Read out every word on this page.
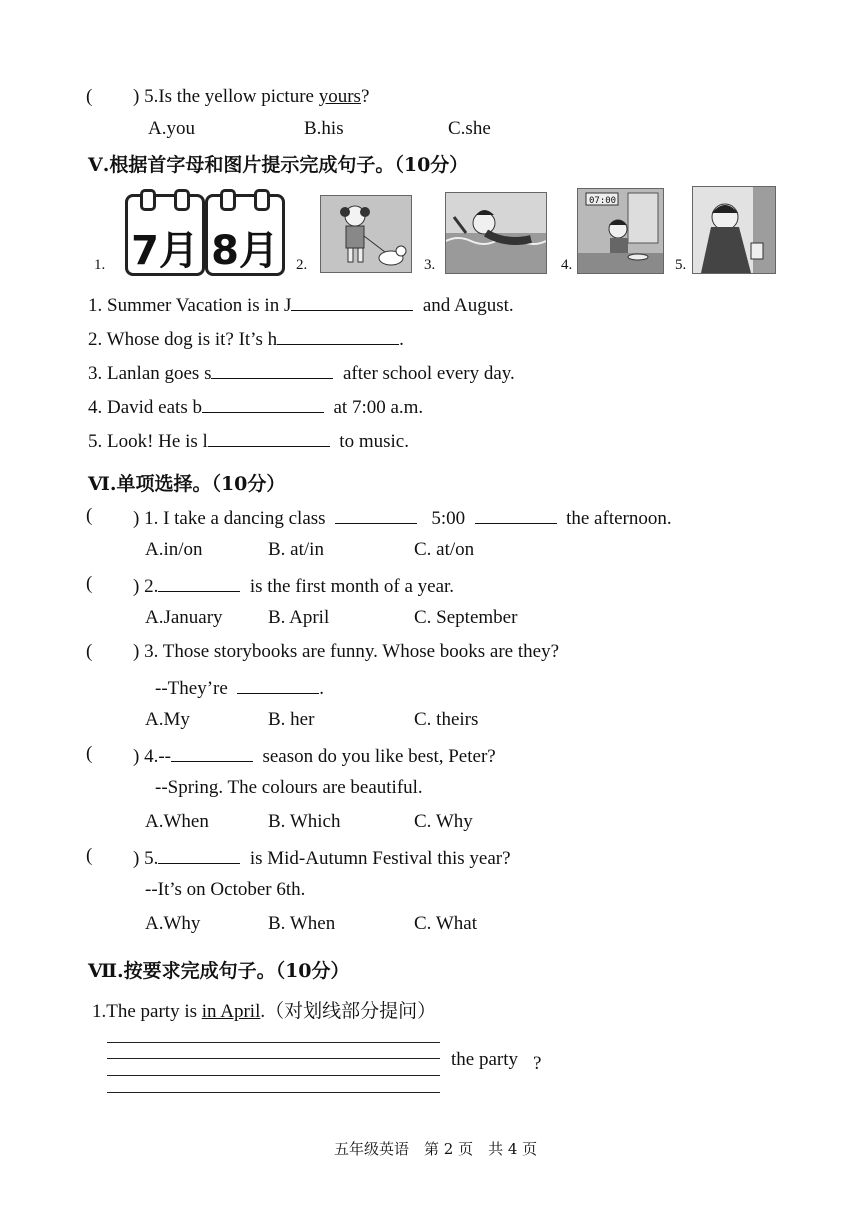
( ) 5.Is the yellow picture yours?
A.you	B.his	C.she
Ⅴ.根据首字母和图片提示完成句子。（10分）
1. 7月 8月 2.	3.	4.
07:00
5.
1. Summer Vacation is in J	and August.
2. Whose dog is it? It’s h	.
3. Lanlan goes s	after school every day.
4. David eats b	at 7:00 a.m.
5. Look! He is l	to music.
Ⅵ.单项选择。（10分）
( ) 1. I take a dancing class	5:00	the afternoon.
A.in/on	B. at/in	C. at/on
( ) 2.	is the first month of a year.
A.January B. April	C. September
( ) 3. Those storybooks are funny. Whose books are they?
--They’re	.
A.My	B. her	C. theirs
( ) 4.--	season do you like best, Peter?
--Spring. The colours are beautiful.
A.When	B. Which	C. Why
( ) 5.	is Mid-Autumn Festival this year?
--It’s on October 6th.
A.Why	B. When	C. What
Ⅶ.按要求完成句子。（10分）
1.The party is in April.（对划线部分提问）
the party ?
五年级英语　第 2 页　共 4 页
